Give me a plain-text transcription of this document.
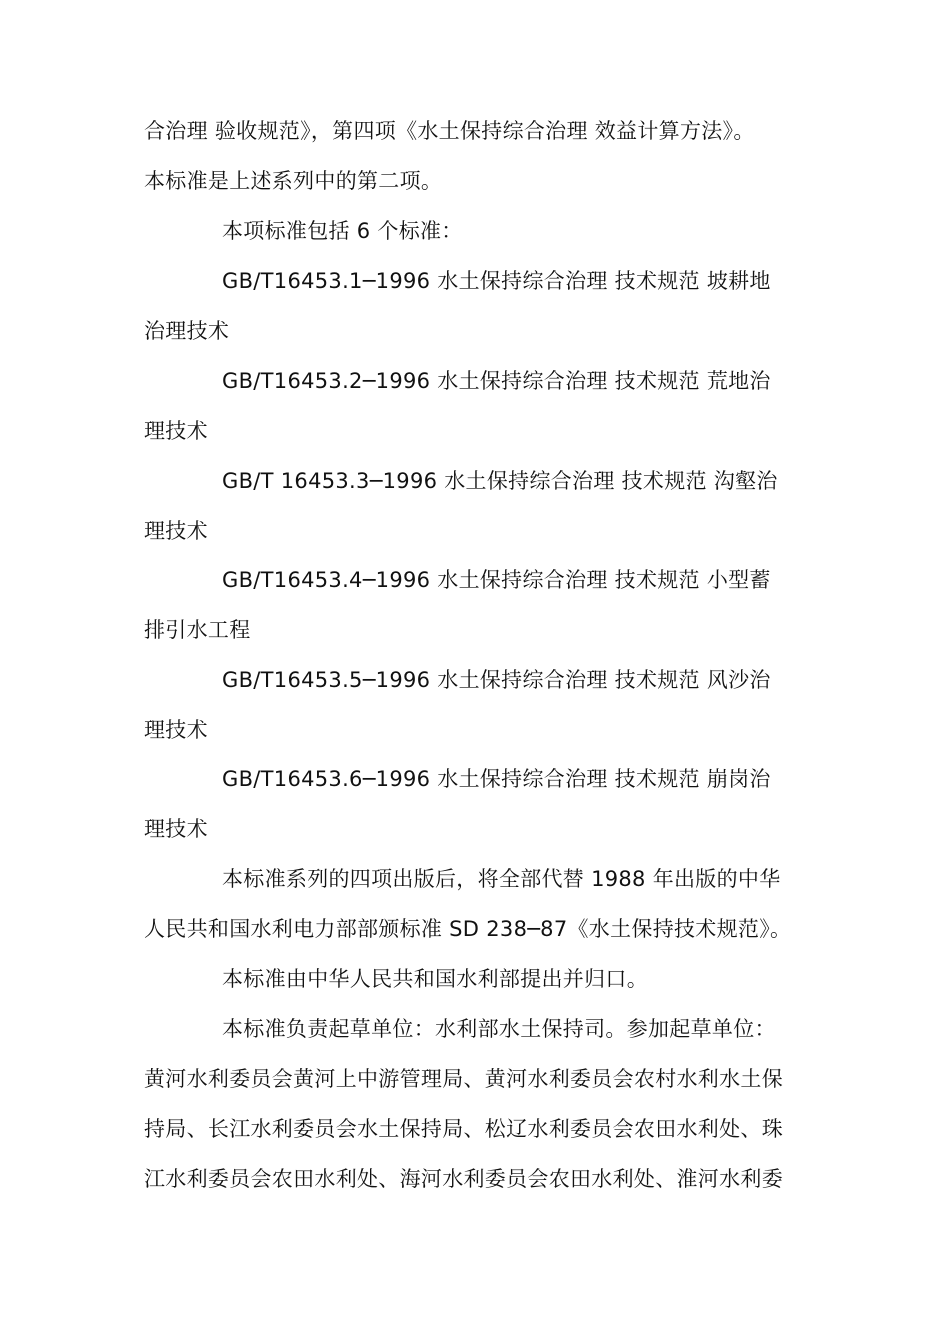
合治理 验收规范》，第四项《水土保持综合治理 效益计算方法》。
本标准是上述系列中的第二项。
本项标准包括 6 个标准：
GB/T16453.1─1996 水土保持综合治理 技术规范 坡耕地
治理技术
GB/T16453.2─1996 水土保持综合治理 技术规范 荒地治
理技术
GB/T 16453.3─1996 水土保持综合治理 技术规范 沟壑治
理技术
GB/T16453.4─1996 水土保持综合治理 技术规范 小型蓄
排引水工程
GB/T16453.5─1996 水土保持综合治理 技术规范 风沙治
理技术
GB/T16453.6─1996 水土保持综合治理 技术规范 崩岗治
理技术
本标准系列的四项出版后，将全部代替 1988 年出版的中华
人民共和国水利电力部部颁标准 SD 238─87《水土保持技术规范》。
本标准由中华人民共和国水利部提出并归口。
本标准负责起草单位：水利部水土保持司。参加起草单位：
黄河水利委员会黄河上中游管理局、黄河水利委员会农村水利水土保
持局、长江水利委员会水土保持局、松辽水利委员会农田水利处、珠
江水利委员会农田水利处、海河水利委员会农田水利处、淮河水利委
